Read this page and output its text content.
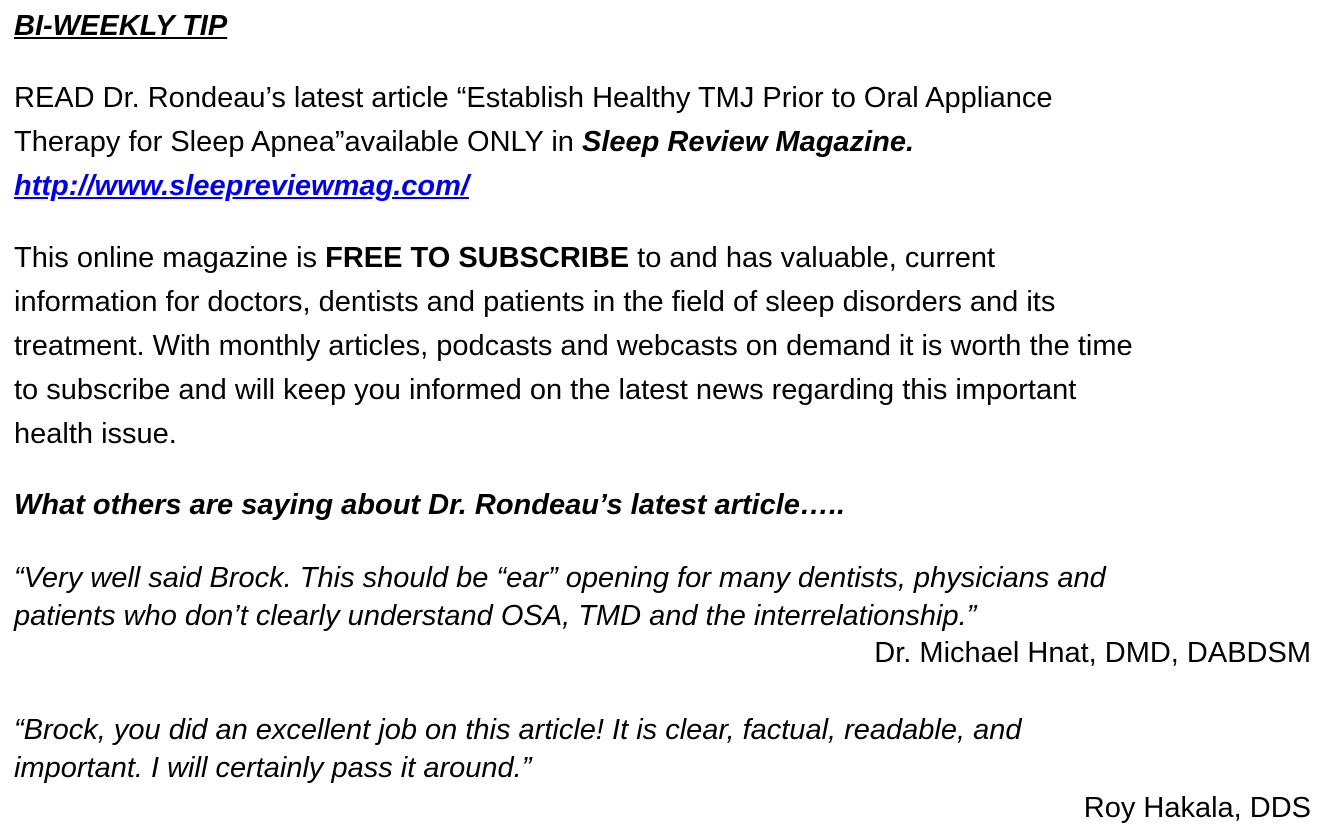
BI-WEEKLY TIP
READ Dr. Rondeau’s latest article “Establish Healthy TMJ Prior to Oral Appliance
Therapy for Sleep Apnea”available ONLY in Sleep Review Magazine.
http://www.sleepreviewmag.com/
This online magazine is FREE TO SUBSCRIBE to and has valuable, current
information for doctors, dentists and patients in the field of sleep disorders and its
treatment. With monthly articles, podcasts and webcasts on demand it is worth the time
to subscribe and will keep you informed on the latest news regarding this important
health issue.
What others are saying about Dr. Rondeau’s latest article…..
“Very well said Brock. This should be “ear” opening for many dentists, physicians and
patients who don’t clearly understand OSA, TMD and the interrelationship.”
Dr. Michael Hnat, DMD, DABDSM
“Brock, you did an excellent job on this article! It is clear, factual, readable, and
important. I will certainly pass it around.”
Roy Hakala, DDS
